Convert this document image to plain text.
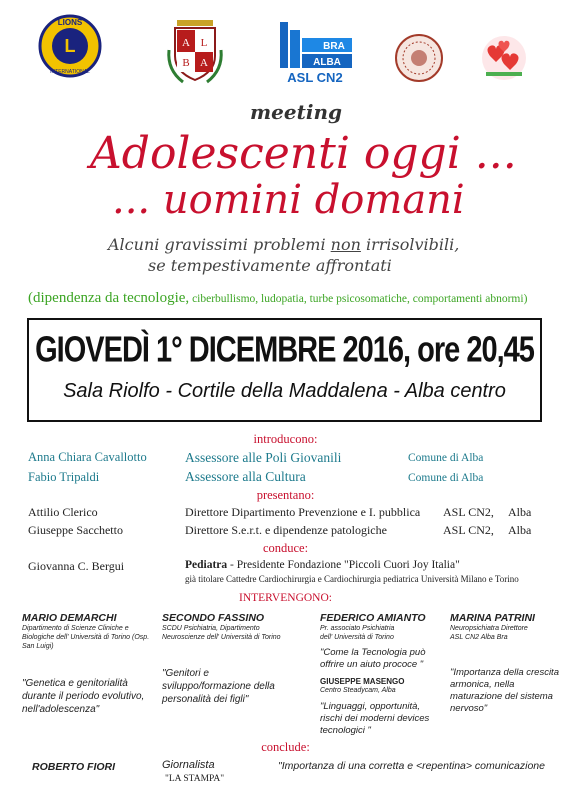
L
LIONS
INTERNATIONAL
A L
B A
BRA
ALBA
ASL CN2
meeting
Adolescenti oggi ...
... uomini domani
Alcuni gravissimi problemi non irrisolvibili,
se tempestivamente affrontati
(dipendenza da tecnologie, ciberbullismo, ludopatia, turbe psicosomatiche, comportamenti abnormi)
GIOVEDÌ 1° DICEMBRE 2016, ore 20,45
Sala Riolfo - Cortile della Maddalena - Alba centro
introducono:
Anna Chiara Cavallotto	Assessore alle Poli Giovanili	Comune di Alba
Fabio Tripaldi	Assessore alla Cultura	Comune di Alba
presentano:
Attilio Clerico	Direttore Dipartimento Prevenzione e I. pubblica ASL CN2, Alba
Giuseppe Sacchetto	Direttore S.e.r.t. e dipendenze patologiche	ASL CN2, Alba
conduce:
Giovanna C. Bergui	Pediatra - Presidente Fondazione "Piccoli Cuori Joy Italia"
già titolare Cattedre Cardiochirurgia e Cardiochirurgia pediatrica Università Milano e Torino
INTERVENGONO:
MARIO DEMARCHI
Dipartimento di Scienze Cliniche e Biologiche dell' Università di Torino (Osp. San Luigi)
"Genetica e genitorialità durante il periodo evolutivo, nell'adolescenza"
SECONDO FASSINO
SCDU Psichiatria, Dipartimento Neuroscienze dell' Università di Torino
"Genitori e sviluppo/formazione della personalità dei figli"
FEDERICO AMIANTO
Pr. associato Psichiatria dell' Università di Torino
"Come la Tecnologia può offrire un aiuto prococe "
GIUSEPPE MASENGO
Centro Steadycam, Alba
"Linguaggi, opportunità, rischi dei moderni devices tecnologici "
MARINA PATRINI
Neuropsichiatra Direttore ASL CN2 Alba Bra
"Importanza della crescita armonica, nella maturazione del sistema nervoso"
conclude:
ROBERTO FIORI	Giornalista
"LA STAMPA"
"Importanza di una corretta e <repentina> comunicazione
